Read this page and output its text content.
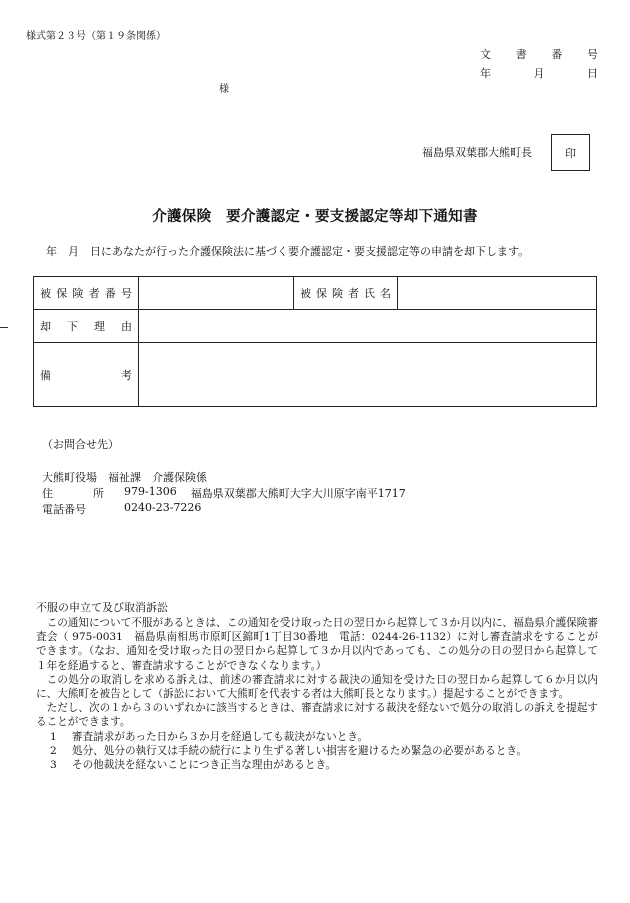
様式第２３号（第１９条関係）
文 書 番 号
年	月	日
様
福島県双葉郡大熊町長	印
介護保険　要介護認定・要支援認定等却下通知書
年　月　日にあなたが行った介護保険法に基づく要介護認定・要支援認定等の申請を却下します。
被保険者番号		被保険者氏名	

却下理由			

備考			

（お問合せ先）
大熊町役場　福祉課　介護保険係
住所 979-1306 福島県双葉郡大熊町大字大川原字南平1717
電話番号	0240-23-7226
不服の申立て及び取消訴訟

この通知について不服があるときは、この通知を受け取った日の翌日から起算して３か月以内に、福島県介護保険審査会（ 975-0031　福島県南相馬市原町区錦町1丁目30番地　電話：0244-26-1132）に対し審査請求をすることができます。（なお、通知を受け取った日の翌日から起算して３か月以内であっても、この処分の日の翌日から起算して１年を経過すると、審査請求することができなくなります。）

この処分の取消しを求める訴えは、前述の審査請求に対する裁決の通知を受けた日の翌日から起算して６か月以内に、大熊町を被告として（訴訟において大熊町を代表する者は大熊町長となります。）提起することができます。

ただし、次の１から３のいずれかに該当するときは、審査請求に対する裁決を経ないで処分の取消しの訴えを提起することができます。

1	審査請求があった日から３か月を経過しても裁決がないとき。
2	処分、処分の執行又は手続の続行により生ずる著しい損害を避けるため緊急の必要があるとき。
3	その他裁決を経ないことにつき正当な理由があるとき。
